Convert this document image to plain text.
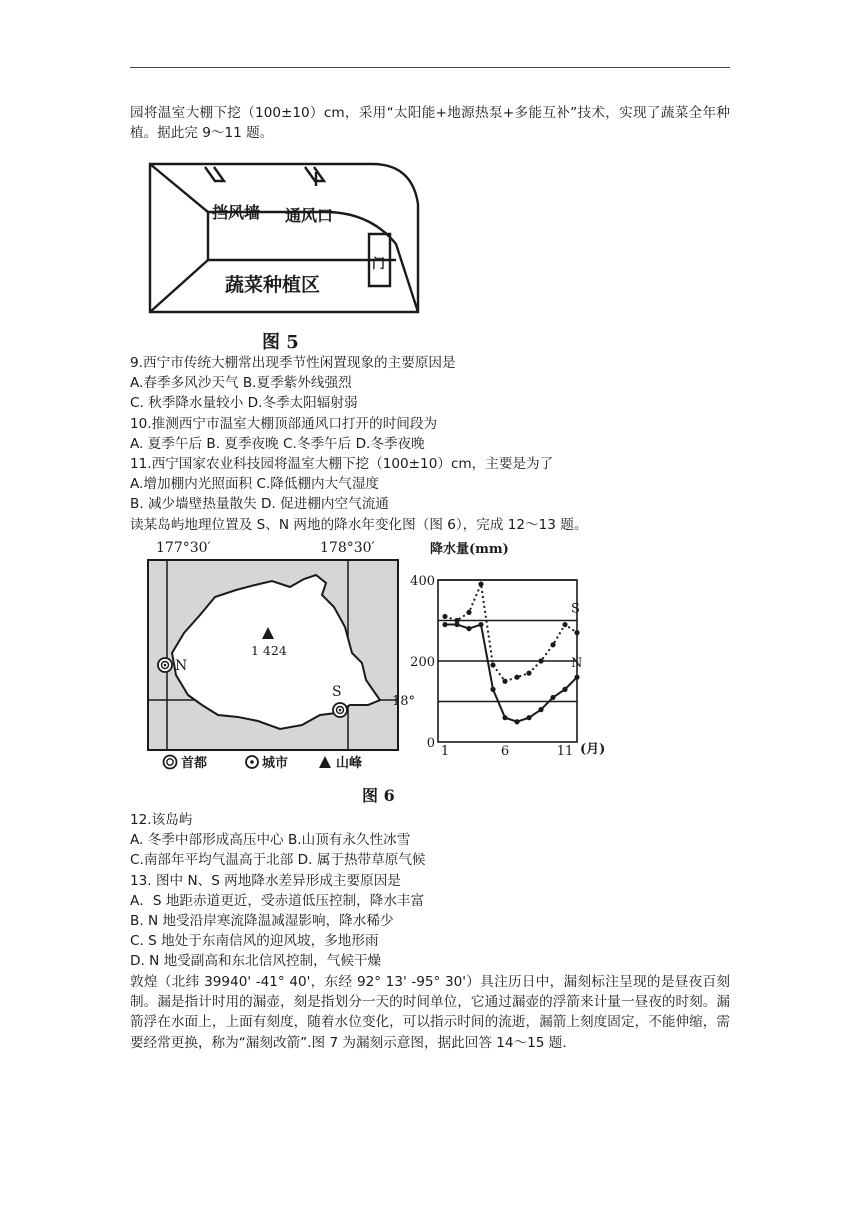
园将温室大棚下挖（100±10）cm，采用“太阳能+地源热泵+多能互补”技术，实现了蔬菜全年种植。据此完 9～11 题。

挡风墙 通风口
门
蔬菜种植区
图 5

9.西宁市传统大棚常出现季节性闲置现象的主要原因是

A.春季多风沙天气 B.夏季紫外线强烈

C. 秋季降水量较小 D.冬季太阳辐射弱

10.推测西宁市温室大棚顶部通风口打开的时间段为

A. 夏季午后 B. 夏季夜晚 C.冬季午后 D.冬季夜晚

11.西宁国家农业科技园将温室大棚下挖（100±10）cm，主要是为了

A.增加棚内光照面积 C.降低棚内大气湿度

B. 减少墙壁热量散失 D. 促进棚内空气流通

读某岛屿地理位置及 S、N 两地的降水年变化图（图 6），完成 12～13 题。

177°30′	178°30′
18°
1 424
N
S
首都	城市	山峰
图 6
降水量(mm)
(月)
0
200
400
1	6	11
S
N

12.该岛屿

A. 冬季中部形成高压中心 B.山顶有永久性冰雪

C.南部年平均气温高于北部 D. 属于热带草原气候

13. 图中 N、S 两地降水差异形成主要原因是

A．S 地距赤道更近，受赤道低压控制，降水丰富

B. N 地受沿岸寒流降温减湿影响，降水稀少

C. S 地处于东南信风的迎风坡，多地形雨

D. N 地受副高和东北信风控制，气候干燥

敦煌（北纬 39940' -41° 40'，东经 92° 13' -95° 30'）具注历日中，漏刻标注呈现的是昼夜百刻制。漏是指计时用的漏壶，刻是指划分一天的时间单位，它通过漏壶的浮箭来计量一昼夜的时刻。漏箭浮在水面上，上面有刻度，随着水位变化，可以指示时间的流逝，漏箭上刻度固定，不能伸缩，需要经常更换，称为“漏刻改箭”.图 7 为漏刻示意图，据此回答 14～15 题.
